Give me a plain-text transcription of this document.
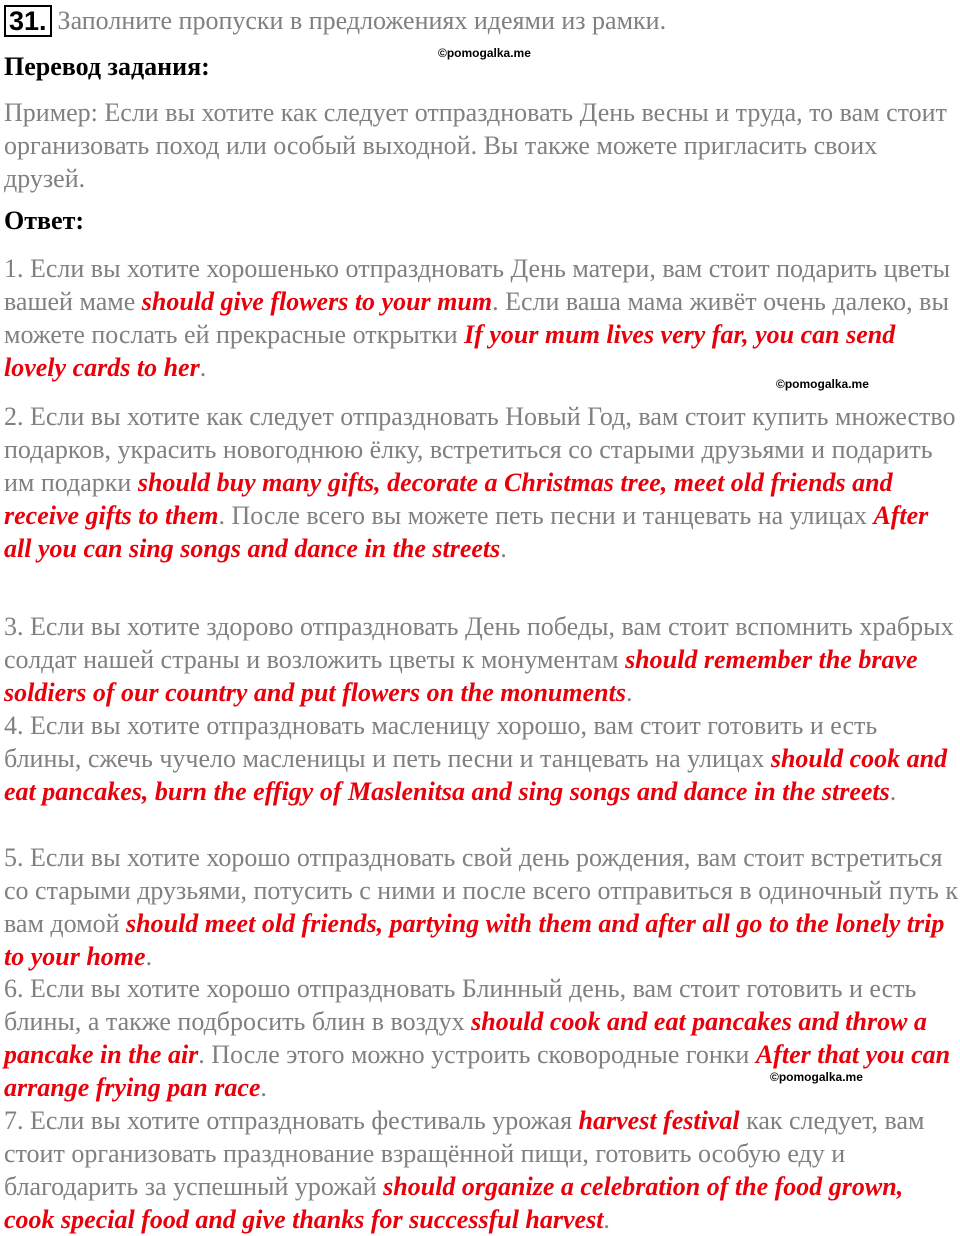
31. Заполните пропуски в предложениях идеями из рамки.
©pomogalka.me
Перевод задания:
Пример: Если вы хотите как следует отпраздновать День весны и труда, то вам стоит организовать поход или особый выходной. Вы также можете пригласить своих друзей.
Ответ:
1. Если вы хотите хорошенько отпраздновать День матери, вам стоит подарить цветы вашей маме should give flowers to your mum. Если ваша мама живёт очень далеко, вы можете послать ей прекрасные открытки If your mum lives very far, you can send lovely cards to her.
©pomogalka.me
2. Если вы хотите как следует отпраздновать Новый Год, вам стоит купить множество подарков, украсить новогоднюю ёлку, встретиться со старыми друзьями и подарить им подарки should buy many gifts, decorate a Christmas tree, meet old friends and receive gifts to them. После всего вы можете петь песни и танцевать на улицах After all you can sing songs and dance in the streets.
3. Если вы хотите здорово отпраздновать День победы, вам стоит вспомнить храбрых солдат нашей страны и возложить цветы к монументам should remember the brave soldiers of our country and put flowers on the monuments.
4. Если вы хотите отпраздновать масленицу хорошо, вам стоит готовить и есть блины, сжечь чучело масленицы и петь песни и танцевать на улицах should cook and eat pancakes, burn the effigy of Maslenitsa and sing songs and dance in the streets.
5. Если вы хотите хорошо отпраздновать свой день рождения, вам стоит встретиться со старыми друзьями, потусить с ними и после всего отправиться в одиночный путь к вам домой should meet old friends, partying with them and after all go to the lonely trip to your home.
6. Если вы хотите хорошо отпраздновать Блинный день, вам стоит готовить и есть блины, а также подбросить блин в воздух should cook and eat pancakes and throw a pancake in the air. После этого можно устроить сковородные гонки After that you can arrange frying pan race.	©pomogalka.me
7. Если вы хотите отпраздновать фестиваль урожая harvest festival как следует, вам стоит организовать празднование взращённой пищи, готовить особую еду и благодарить за успешный урожай should organize a celebration of the food grown, cook special food and give thanks for successful harvest.
